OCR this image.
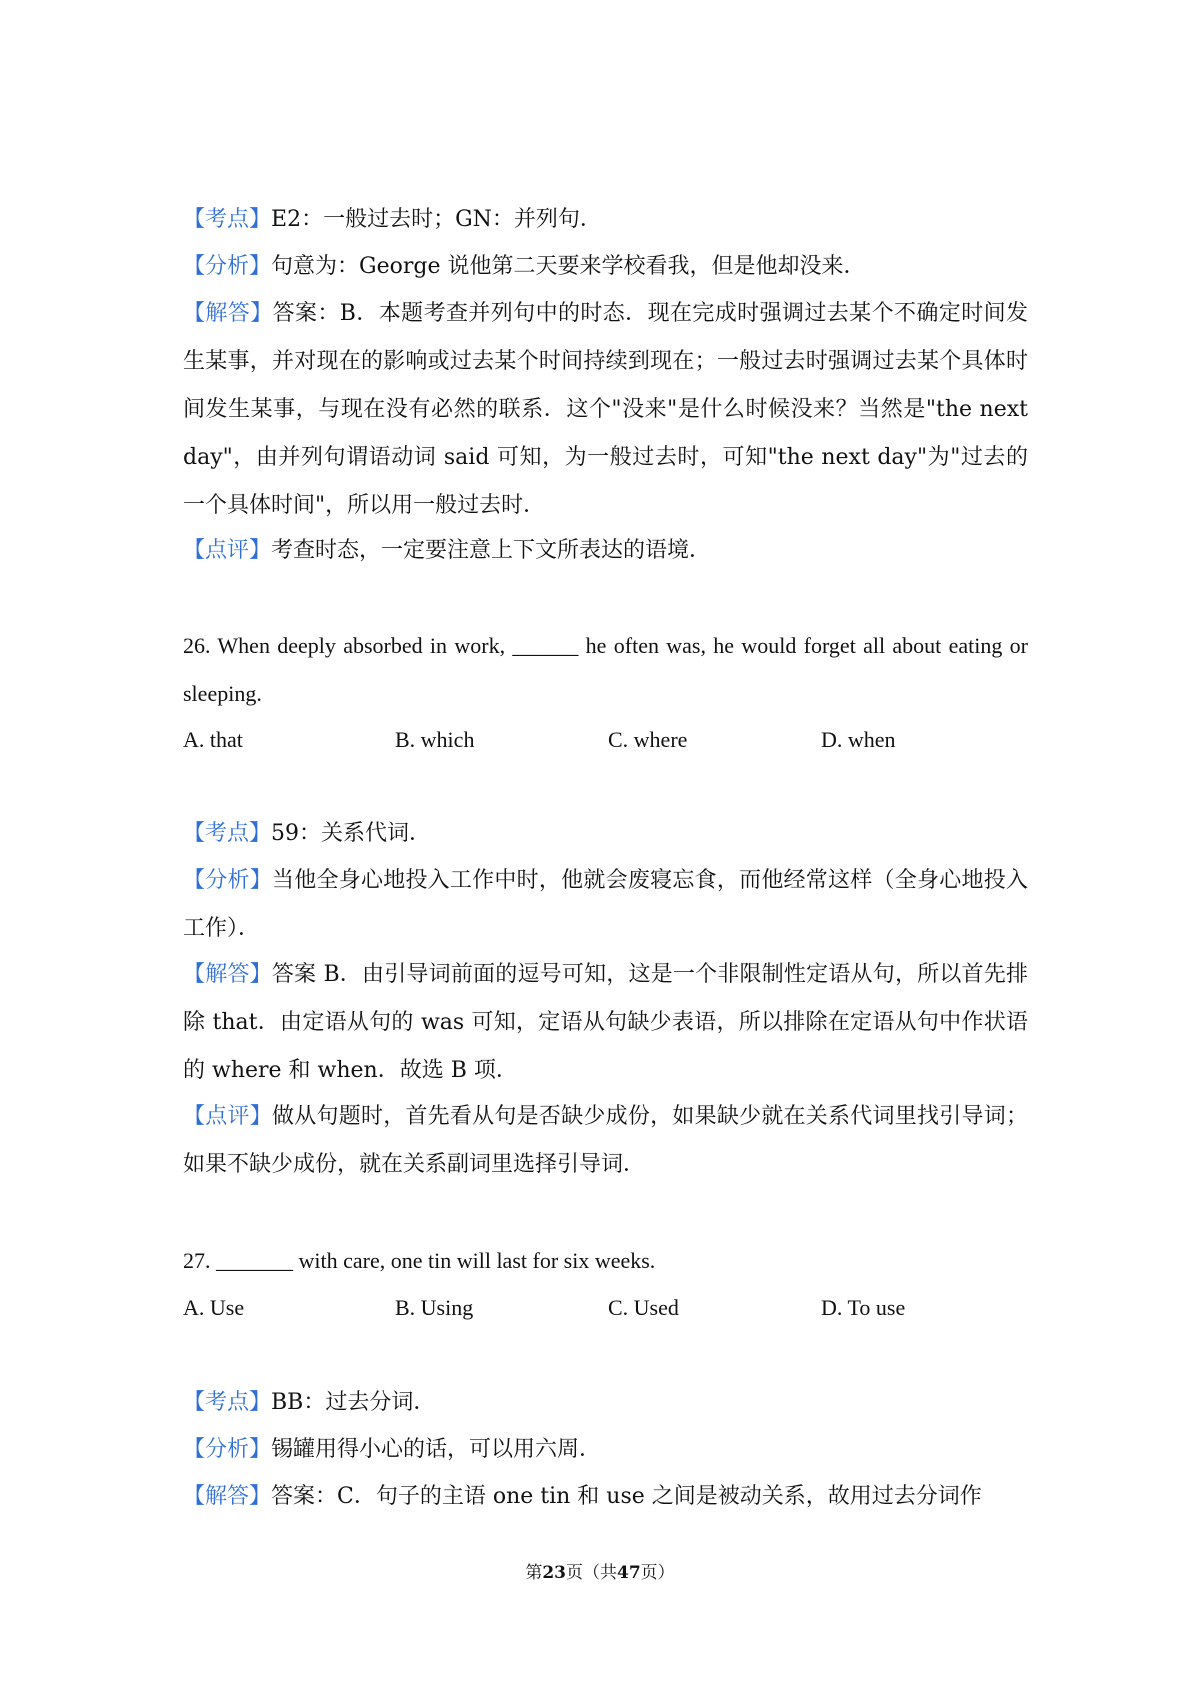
【考点】E2：一般过去时；GN：并列句．

【分析】句意为：George 说他第二天要来学校看我，但是他却没来．

【解答】答案：B．本题考查并列句中的时态．现在完成时强调过去某个不确定时间发生某事，并对现在的影响或过去某个时间持续到现在；一般过去时强调过去某个具体时间发生某事，与现在没有必然的联系．这个"没来"是什么时候没来？当然是"the next day"，由并列句谓语动词 said 可知，为一般过去时，可知"the next day"为"过去的一个具体时间"，所以用一般过去时．

【点评】考查时态，一定要注意上下文所表达的语境．

26. When deeply absorbed in work, ______ he often was, he would forget all about eating or sleeping.

A. that	B. which	C. where	D. when

【考点】59：关系代词．

【分析】当他全身心地投入工作中时，他就会废寝忘食，而他经常这样（全身心地投入工作）．

【解答】答案 B．由引导词前面的逗号可知，这是一个非限制性定语从句，所以首先排除 that．由定语从句的 was 可知，定语从句缺少表语，所以排除在定语从句中作状语的 where 和 when．故选 B 项．

【点评】做从句题时，首先看从句是否缺少成份，如果缺少就在关系代词里找引导词；如果不缺少成份，就在关系副词里选择引导词．

27. _______ with care, one tin will last for six weeks.

A. Use	B. Using	C. Used	D. To use

【考点】BB：过去分词．

【分析】锡罐用得小心的话，可以用六周．

【解答】答案：C．句子的主语 one tin 和 use 之间是被动关系，故用过去分词作

第23页（共47页）
